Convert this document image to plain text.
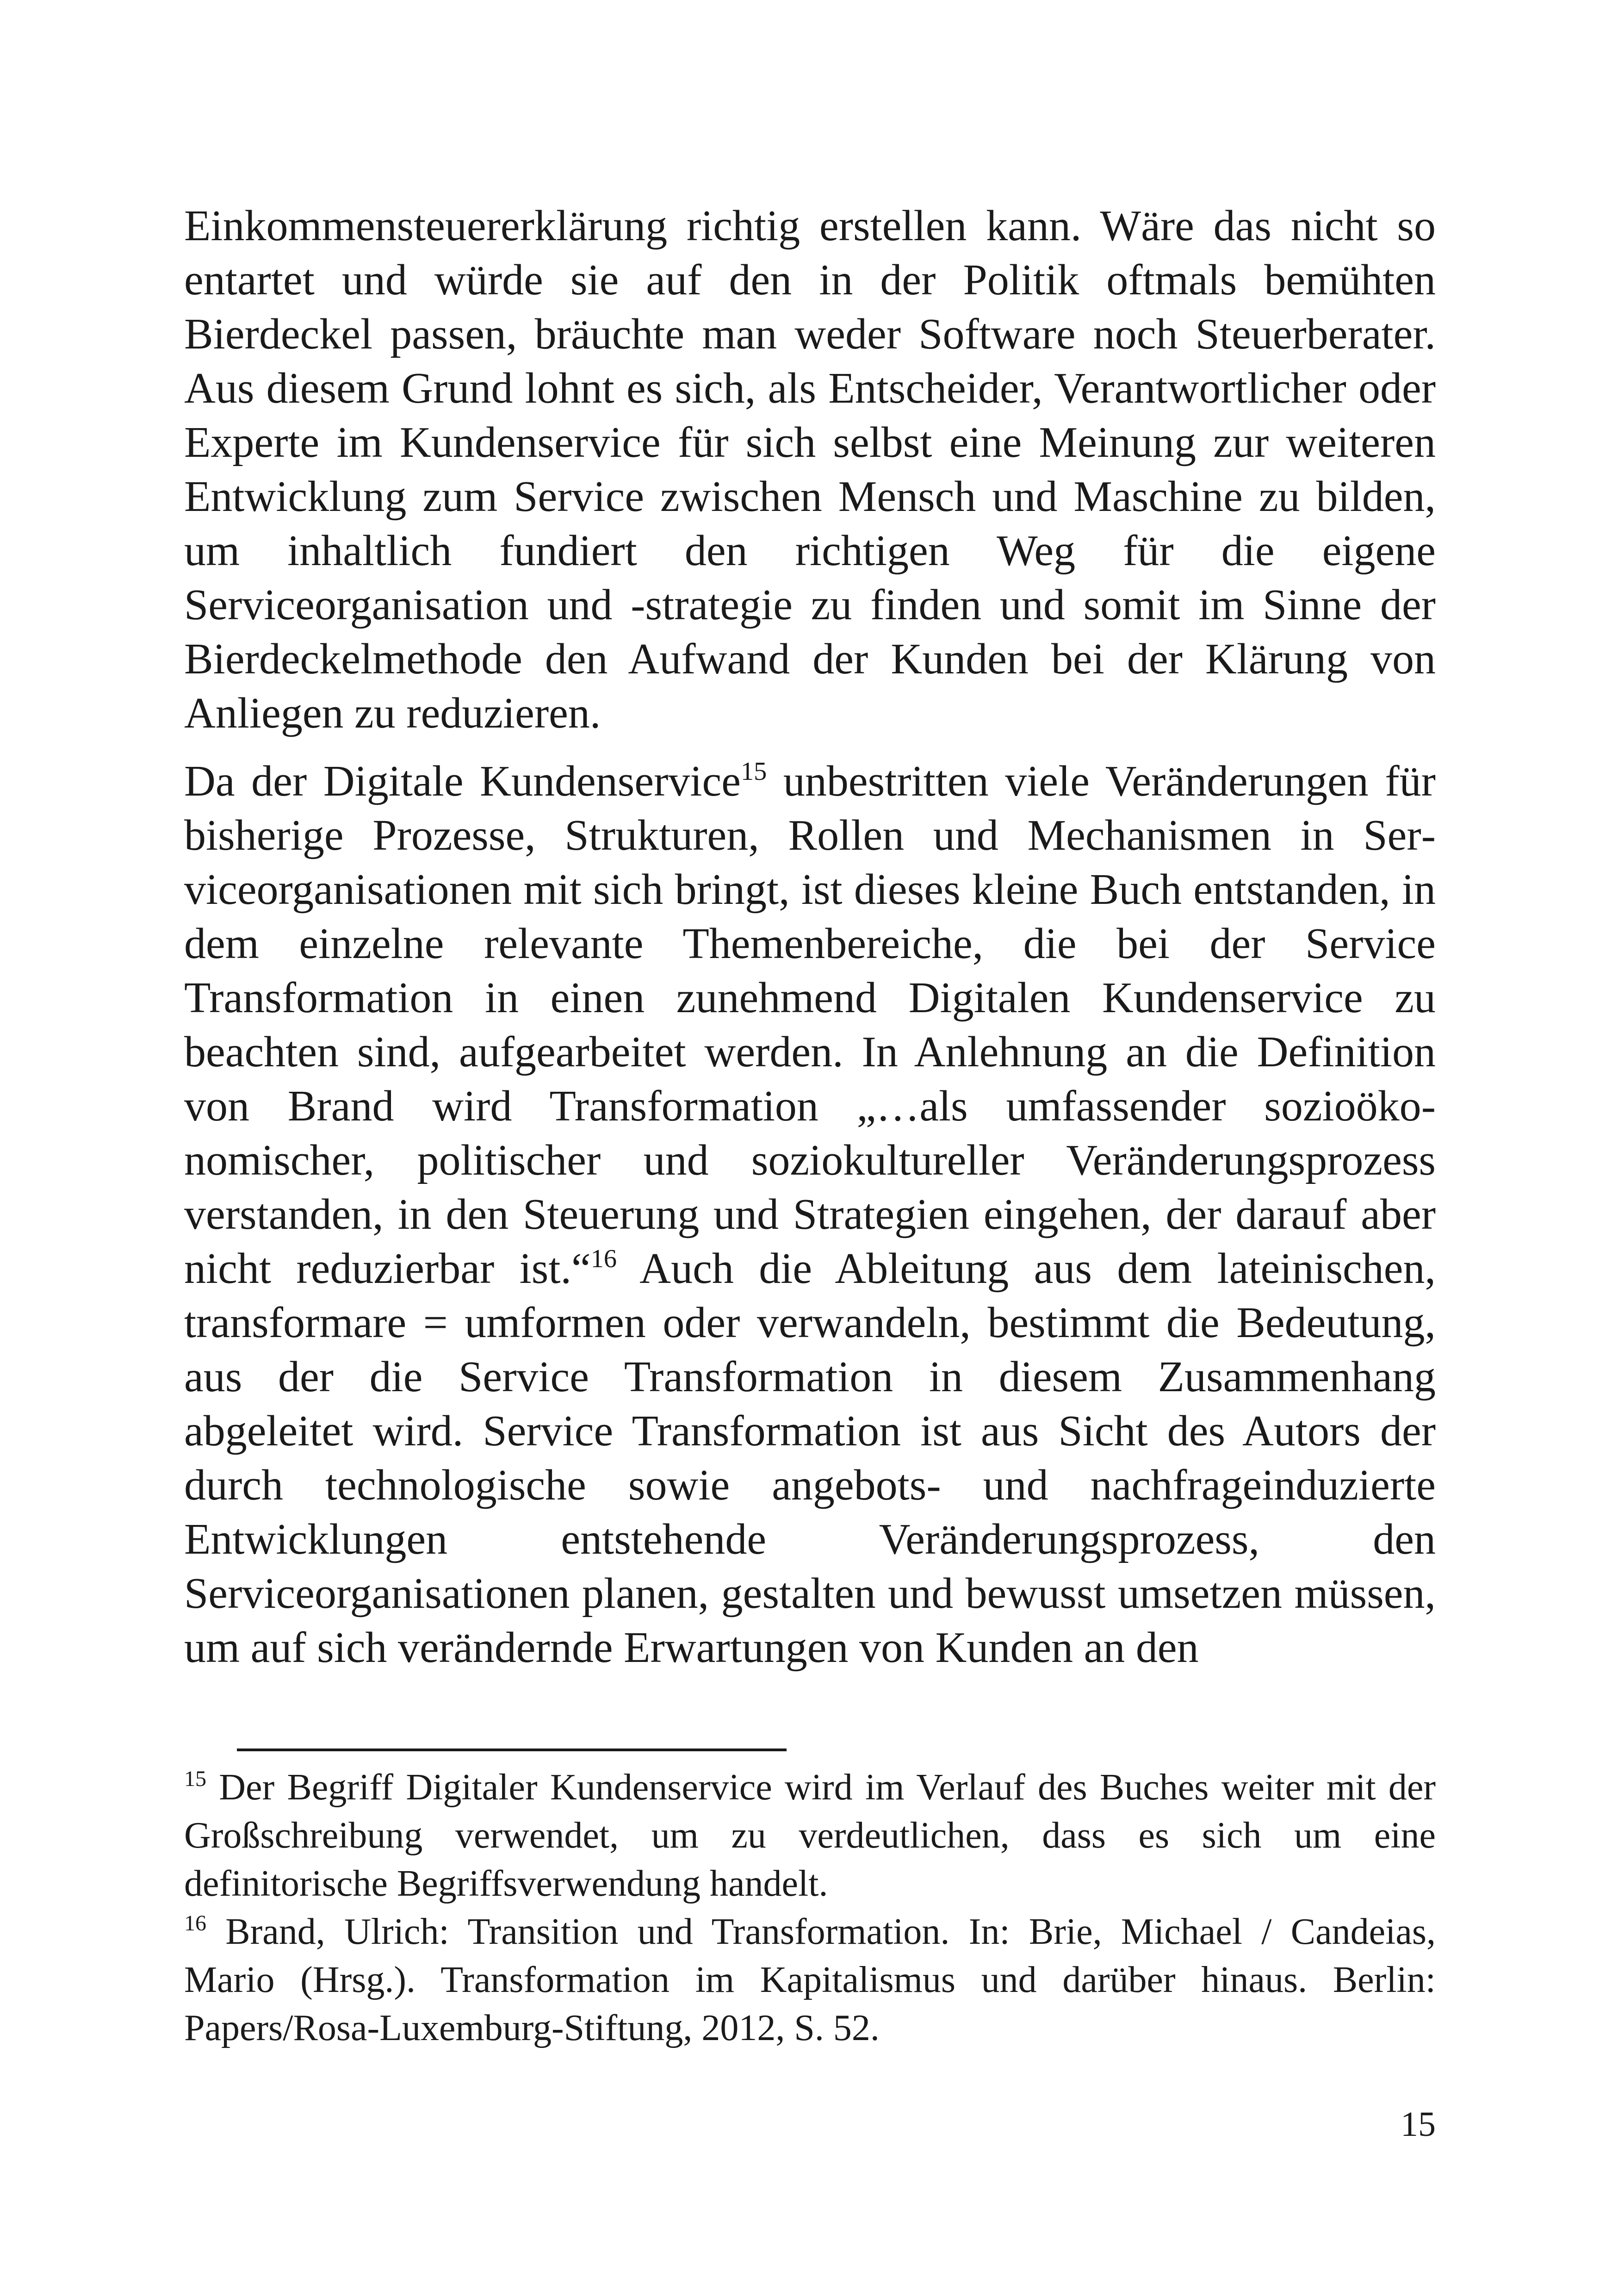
Einkommensteuererklärung richtig erstellen kann. Wäre das nicht so entartet und würde sie auf den in der Politik oftmals bemühten Bierdeckel passen, bräuchte man weder Software noch Steuerberater. Aus diesem Grund lohnt es sich, als Entscheider, Verantwortlicher oder Experte im Kundenservice für sich selbst eine Meinung zur weiteren Entwicklung zum Service zwischen Mensch und Maschine zu bilden, um inhaltlich fundiert den richtigen Weg für die eigene Serviceorganisation und -strategie zu finden und somit im Sinne der Bierdeckelmethode den Aufwand der Kunden bei der Klärung von Anliegen zu reduzieren.

Da der Digitale Kundenservice$^{15}$ unbestritten viele Veränderungen für bisherige Prozesse, Strukturen, Rollen und Mechanismen in Serviceorganisationen mit sich bringt, ist dieses kleine Buch entstanden, in dem einzelne relevante Themenbereiche, die bei der Service Transformation in einen zunehmend Digitalen Kundenservice zu beachten sind, aufgearbeitet werden. In Anlehnung an die Definition von Brand wird Transformation „…als umfassender sozioökonomischer, politischer und soziokultureller Veränderungsprozess verstanden, in den Steuerung und Strategien eingehen, der darauf aber nicht reduzierbar ist.“$^{16}$ Auch die Ableitung aus dem lateinischen, transformare = umformen oder verwandeln, bestimmt die Bedeutung, aus der die Service Transformation in diesem Zusammenhang abgeleitet wird. Service Transformation ist aus Sicht des Autors der durch technologische sowie angebots- und nachfrageinduzierte Entwicklungen entstehende Veränderungsprozess, den Serviceorganisationen planen, gestalten und bewusst umsetzen müssen, um auf sich verändernde Erwartungen von Kunden an den

$^{15}$ Der Begriff Digitaler Kundenservice wird im Verlauf des Buches weiter mit der Großschreibung verwendet, um zu verdeutlichen, dass es sich um eine definitorische Begriffsverwendung handelt.

$^{16}$ Brand, Ulrich: Transition und Transformation. In: Brie, Michael / Candeias, Mario (Hrsg.). Transformation im Kapitalismus und darüber hinaus. Berlin: Papers/Rosa-Luxemburg-Stiftung, 2012, S. 52.

15
